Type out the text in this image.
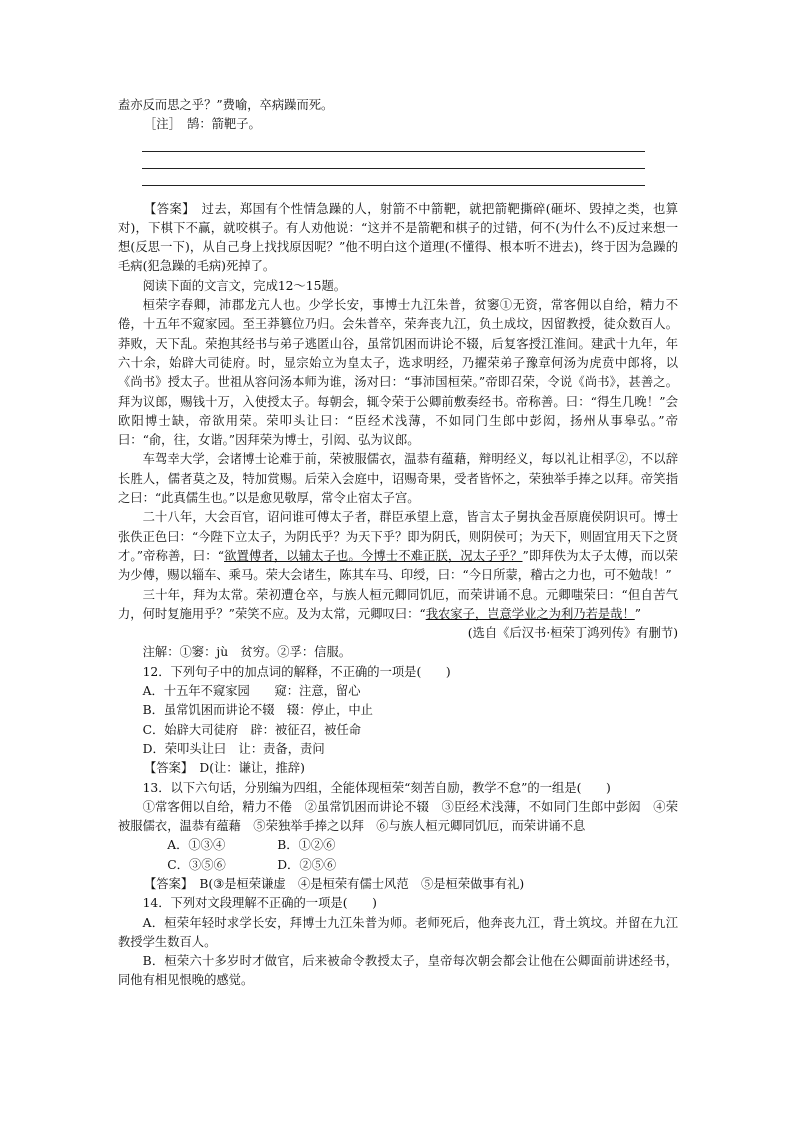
盍亦反而思之乎？”费喻，卒病躁而死。

［注］　鹄：箭靶子。

【答案】　过去，郑国有个性情急躁的人，射箭不中箭靶，就把箭靶撕碎(砸坏、毁掉之类，也算对)，下棋下不赢，就咬棋子。有人劝他说：“这并不是箭靶和棋子的过错，何不(为什么不)反过来想一想(反思一下)，从自己身上找找原因呢？”他不明白这个道理(不懂得、根本听不进去)，终于因为急躁的毛病(犯急躁的毛病)死掉了。

阅读下面的文言文，完成12～15题。

桓荣字春卿，沛郡龙亢人也。少学长安，事博士九江朱普，贫窭①无资，常客佣以自给，精力不倦，十五年不窥家园。至王莽篡位乃归。会朱普卒，荣奔丧九江，负土成坟，因留教授，徒众数百人。莽败，天下乱。荣抱其经书与弟子逃匿山谷，虽常饥困而讲论不辍，后复客授江淮间。建武十九年，年六十余，始辟大司徒府。时，显宗始立为皇太子，选求明经，乃擢荣弟子豫章何汤为虎贲中郎将，以《尚书》授太子。世祖从容问汤本师为谁，汤对曰：“事沛国桓荣。”帝即召荣，令说《尚书》，甚善之。拜为议郎，赐钱十万，入使授太子。每朝会，辄令荣于公卿前敷奏经书。帝称善。曰：“得生几晚！”会欧阳博士缺，帝欲用荣。荣叩头让曰：“臣经术浅薄，不如同门生郎中彭闳，扬州从事皋弘。”帝曰：“俞，往，女谐。”因拜荣为博士，引闳、弘为议郎。

车驾幸大学，会诸博士论难于前，荣被服儒衣，温恭有蕴藉，辩明经义，每以礼让相孚②，不以辞长胜人，儒者莫之及，特加赏赐。后荣入会庭中，诏赐奇果，受者皆怀之，荣独举手捧之以拜。帝笑指之曰：“此真儒生也。”以是愈见敬厚，常令止宿太子宫。

二十八年，大会百官，诏问谁可傅太子者，群臣承望上意，皆言太子舅执金吾原鹿侯阴识可。博士张佚正色曰：“今陛下立太子，为阴氏乎？为天下乎？即为阴氏，则阴侯可；为天下，则固宜用天下之贤才。”帝称善，曰：“欲置傅者，以辅太子也。今博士不难正朕，况太子乎？”即拜佚为太子太傅，而以荣为少傅，赐以辎车、乘马。荣大会诸生，陈其车马、印绶，曰：“今日所蒙，稽古之力也，可不勉哉！”

三十年，拜为太常。荣初遭仓卒，与族人桓元卿同饥厄，而荣讲诵不息。元卿嗤荣曰：“但自苦气力，何时复施用乎？”荣笑不应。及为太常，元卿叹曰：“我农家子，岂意学业之为利乃若是哉！”

(选自《后汉书·桓荣丁鸿列传》有删节)

注解：①窭：jù　贫穷。②孚：信服。

12．下列句子中的加点词的解释，不正确的一项是(　　)

A．十五年不窥家园　　窥：注意，留心

B．虽常饥困而讲论不辍　辍：停止，中止

C．始辟大司徒府　辟：被征召，被任命

D．荣叩头让曰　让：责备，责问

【答案】　D(让：谦让，推辞)

13．以下六句话，分别编为四组，全能体现桓荣“刻苦自励，教学不怠”的一组是(　　)

①常客佣以自给，精力不倦　②虽常饥困而讲论不辍　③臣经术浅薄，不如同门生郎中彭闳　④荣被服儒衣，温恭有蕴藉　⑤荣独举手捧之以拜　⑥与族人桓元卿同饥厄，而荣讲诵不息

A．①③④	B．①②⑥

C．③⑤⑥	D．②⑤⑥

【答案】　B(③是桓荣谦虚　④是桓荣有儒士风范　⑤是桓荣做事有礼)

14．下列对文段理解不正确的一项是(　　)

A．桓荣年轻时求学长安，拜博士九江朱普为师。老师死后，他奔丧九江，背土筑坟。并留在九江教授学生数百人。

B．桓荣六十多岁时才做官，后来被命令教授太子，皇帝每次朝会都会让他在公卿面前讲述经书，同他有相见恨晚的感觉。
